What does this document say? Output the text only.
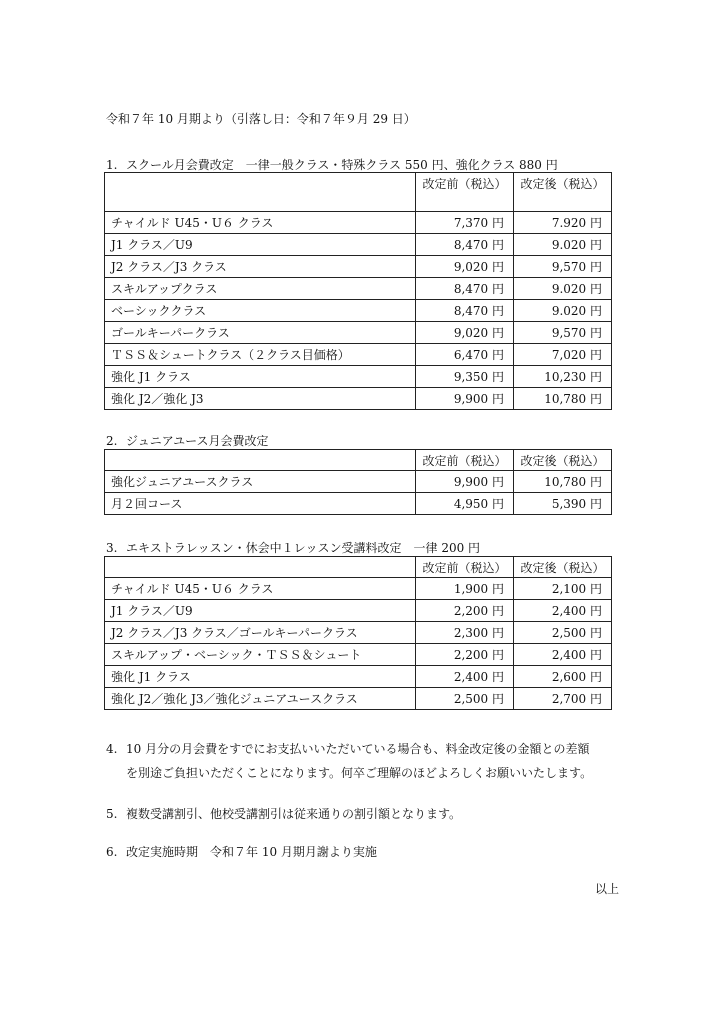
令和７年 10 月期より（引落し日：令和７年９月 29 日）
1. スクール月会費改定　一律一般クラス・特殊クラス 550 円、強化クラス 880 円
	改定前（税込）	改定後（税込）
チャイルド U45・U６ クラス	7,370 円	7.920 円
J1 クラス／U9	8,470 円	9.020 円
J2 クラス／J3 クラス	9,020 円	9,570 円
スキルアップクラス	8,470 円	9.020 円
ベーシッククラス	8,470 円	9.020 円
ゴールキーパークラス	9,020 円	9,570 円
ＴＳＳ＆シュートクラス（２クラス目価格）	6,470 円	7,020 円
強化 J1 クラス	9,350 円	10,230 円
強化 J2／強化 J3	9,900 円	10,780 円
2. ジュニアユース月会費改定
	改定前（税込）	改定後（税込）
強化ジュニアユースクラス	9,900 円	10,780 円
月２回コース	4,950 円	5,390 円
3. エキストラレッスン・休会中１レッスン受講料改定　一律 200 円
	改定前（税込）	改定後（税込）
チャイルド U45・U６ クラス	1,900 円	2,100 円
J1 クラス／U9	2,200 円	2,400 円
J2 クラス／J3 クラス／ゴールキーパークラス	2,300 円	2,500 円
スキルアップ・ベーシック・ＴＳＳ＆シュート	2,200 円	2,400 円
強化 J1 クラス	2,400 円	2,600 円
強化 J2／強化 J3／強化ジュニアユースクラス	2,500 円	2,700 円
4. 10 月分の月会費をすでにお支払いいただいている場合も、料金改定後の金額との差額
を別途ご負担いただくことになります。何卒ご理解のほどよろしくお願いいたします。
5. 複数受講割引、他校受講割引は従来通りの割引額となります。
6. 改定実施時期　令和７年 10 月期月謝より実施
以上
